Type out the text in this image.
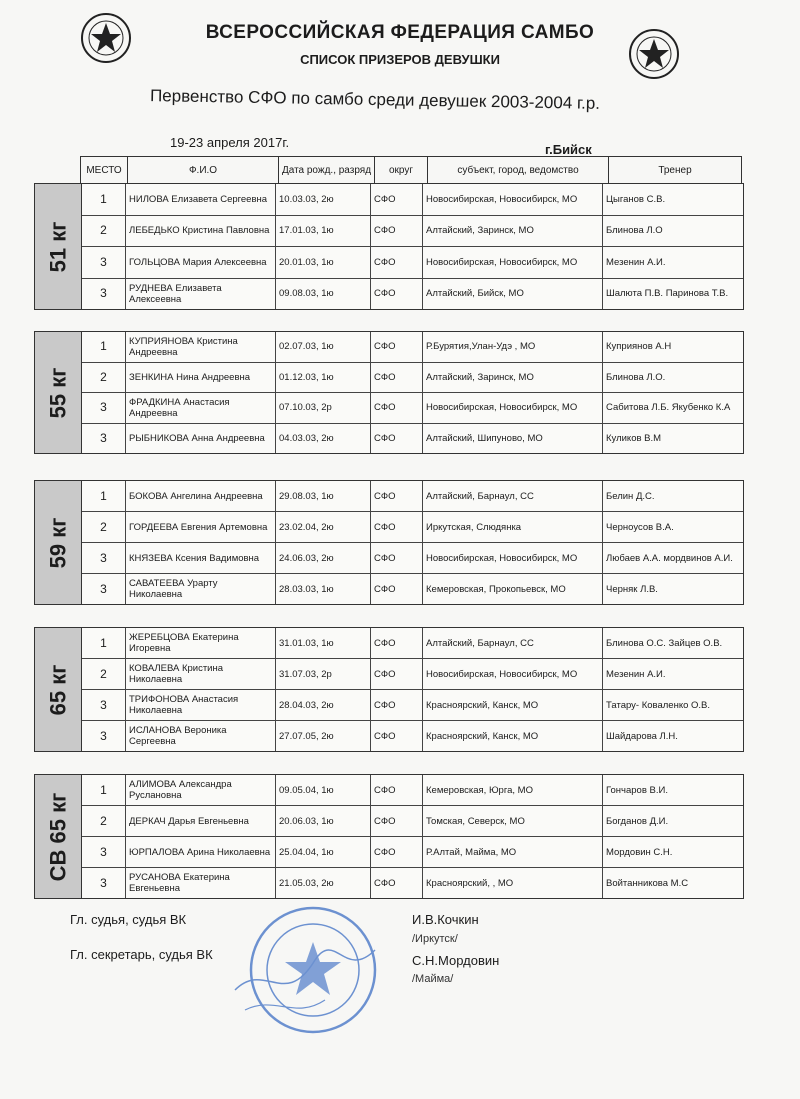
ВСЕРОССИЙСКАЯ ФЕДЕРАЦИЯ САМБО
СПИСОК ПРИЗЕРОВ ДЕВУШКИ
Первенство СФО по самбо среди девушек 2003-2004 г.р.
19-23 апреля 2017г.	г.Бийск
МЕСТО	Ф.И.О	Дата рожд., разряд	округ	субъект, город, ведомство	Тренер
51 кг
1	НИЛОВА Елизавета Сергеевна	10.03.03, 2ю	СФО	Новосибирская, Новосибирск, МО	Цыганов С.В.
2	ЛЕБЕДЬКО Кристина Павловна	17.01.03, 1ю	СФО	Алтайский, Заринск, МО	Блинова Л.О
3	ГОЛЬЦОВА Мария Алексеевна	20.01.03, 1ю	СФО	Новосибирская, Новосибирск, МО	Мезенин А.И.
3	РУДНЕВА Елизавета Алексеевна	09.08.03, 1ю	СФО	Алтайский, Бийск, МО	Шалюта П.В. Паринова Т.В.
55 кг
1	КУПРИЯНОВА Кристина Андреевна	02.07.03, 1ю	СФО	Р.Бурятия,Улан-Удэ , МО	Куприянов А.Н
2	ЗЕНКИНА Нина Андреевна	01.12.03, 1ю	СФО	Алтайский, Заринск, МО	Блинова Л.О.
3	ФРАДКИНА Анастасия Андреевна	07.10.03, 2р	СФО	Новосибирская, Новосибирск, МО	Сабитова Л.Б. Якубенко К.А
3	РЫБНИКОВА Анна Андреевна	04.03.03, 2ю	СФО	Алтайский, Шипуново, МО	Куликов В.М
59 кг
1	БОКОВА Ангелина Андреевна	29.08.03, 1ю	СФО	Алтайский, Барнаул, СС	Белин Д.С.
2	ГОРДЕЕВА Евгения Артемовна	23.02.04, 2ю	СФО	Иркутская, Слюдянка	Черноусов В.А.
3	КНЯЗЕВА Ксения Вадимовна	24.06.03, 2ю	СФО	Новосибирская, Новосибирск, МО	Любаев А.А. мордвинов А.И.
3	САВАТЕЕВА Урарту Николаевна	28.03.03, 1ю	СФО	Кемеровская, Прокопьевск, МО	Черняк Л.В.
65 кг
1	ЖЕРЕБЦОВА Екатерина Игоревна	31.01.03, 1ю	СФО	Алтайский, Барнаул, СС	Блинова О.С. Зайцев О.В.
2	КОВАЛЕВА Кристина Николаевна	31.07.03, 2р	СФО	Новосибирская, Новосибирск, МО	Мезенин А.И.
3	ТРИФОНОВА Анастасия Николаевна	28.04.03, 2ю	СФО	Красноярский, Канск, МО	Татару- Коваленко О.В.
3	ИСЛАНОВА Вероника Сергеевна	27.07.05, 2ю	СФО	Красноярский, Канск, МО	Шайдарова Л.Н.
СВ 65 кг
1	АЛИМОВА Александра Руслановна	09.05.04, 1ю	СФО	Кемеровская, Юрга, МО	Гончаров В.И.
2	ДЕРКАЧ Дарья Евгеньевна	20.06.03, 1ю	СФО	Томская, Северск, МО	Богданов Д.И.
3	ЮРПАЛОВА Арина Николаевна 25.04.04, 1ю	СФО	Р.Алтай, Майма, МО	Мордовин С.Н.
3	РУСАНОВА Екатерина Евгеньевна	21.05.03, 2ю	СФО	Красноярский, , МО	Войтанникова М.С
Гл. судья, судья ВК	И.В.Кочкин
/Иркутск/
Гл. секретарь, судья ВК	С.Н.Мордовин
/Майма/
